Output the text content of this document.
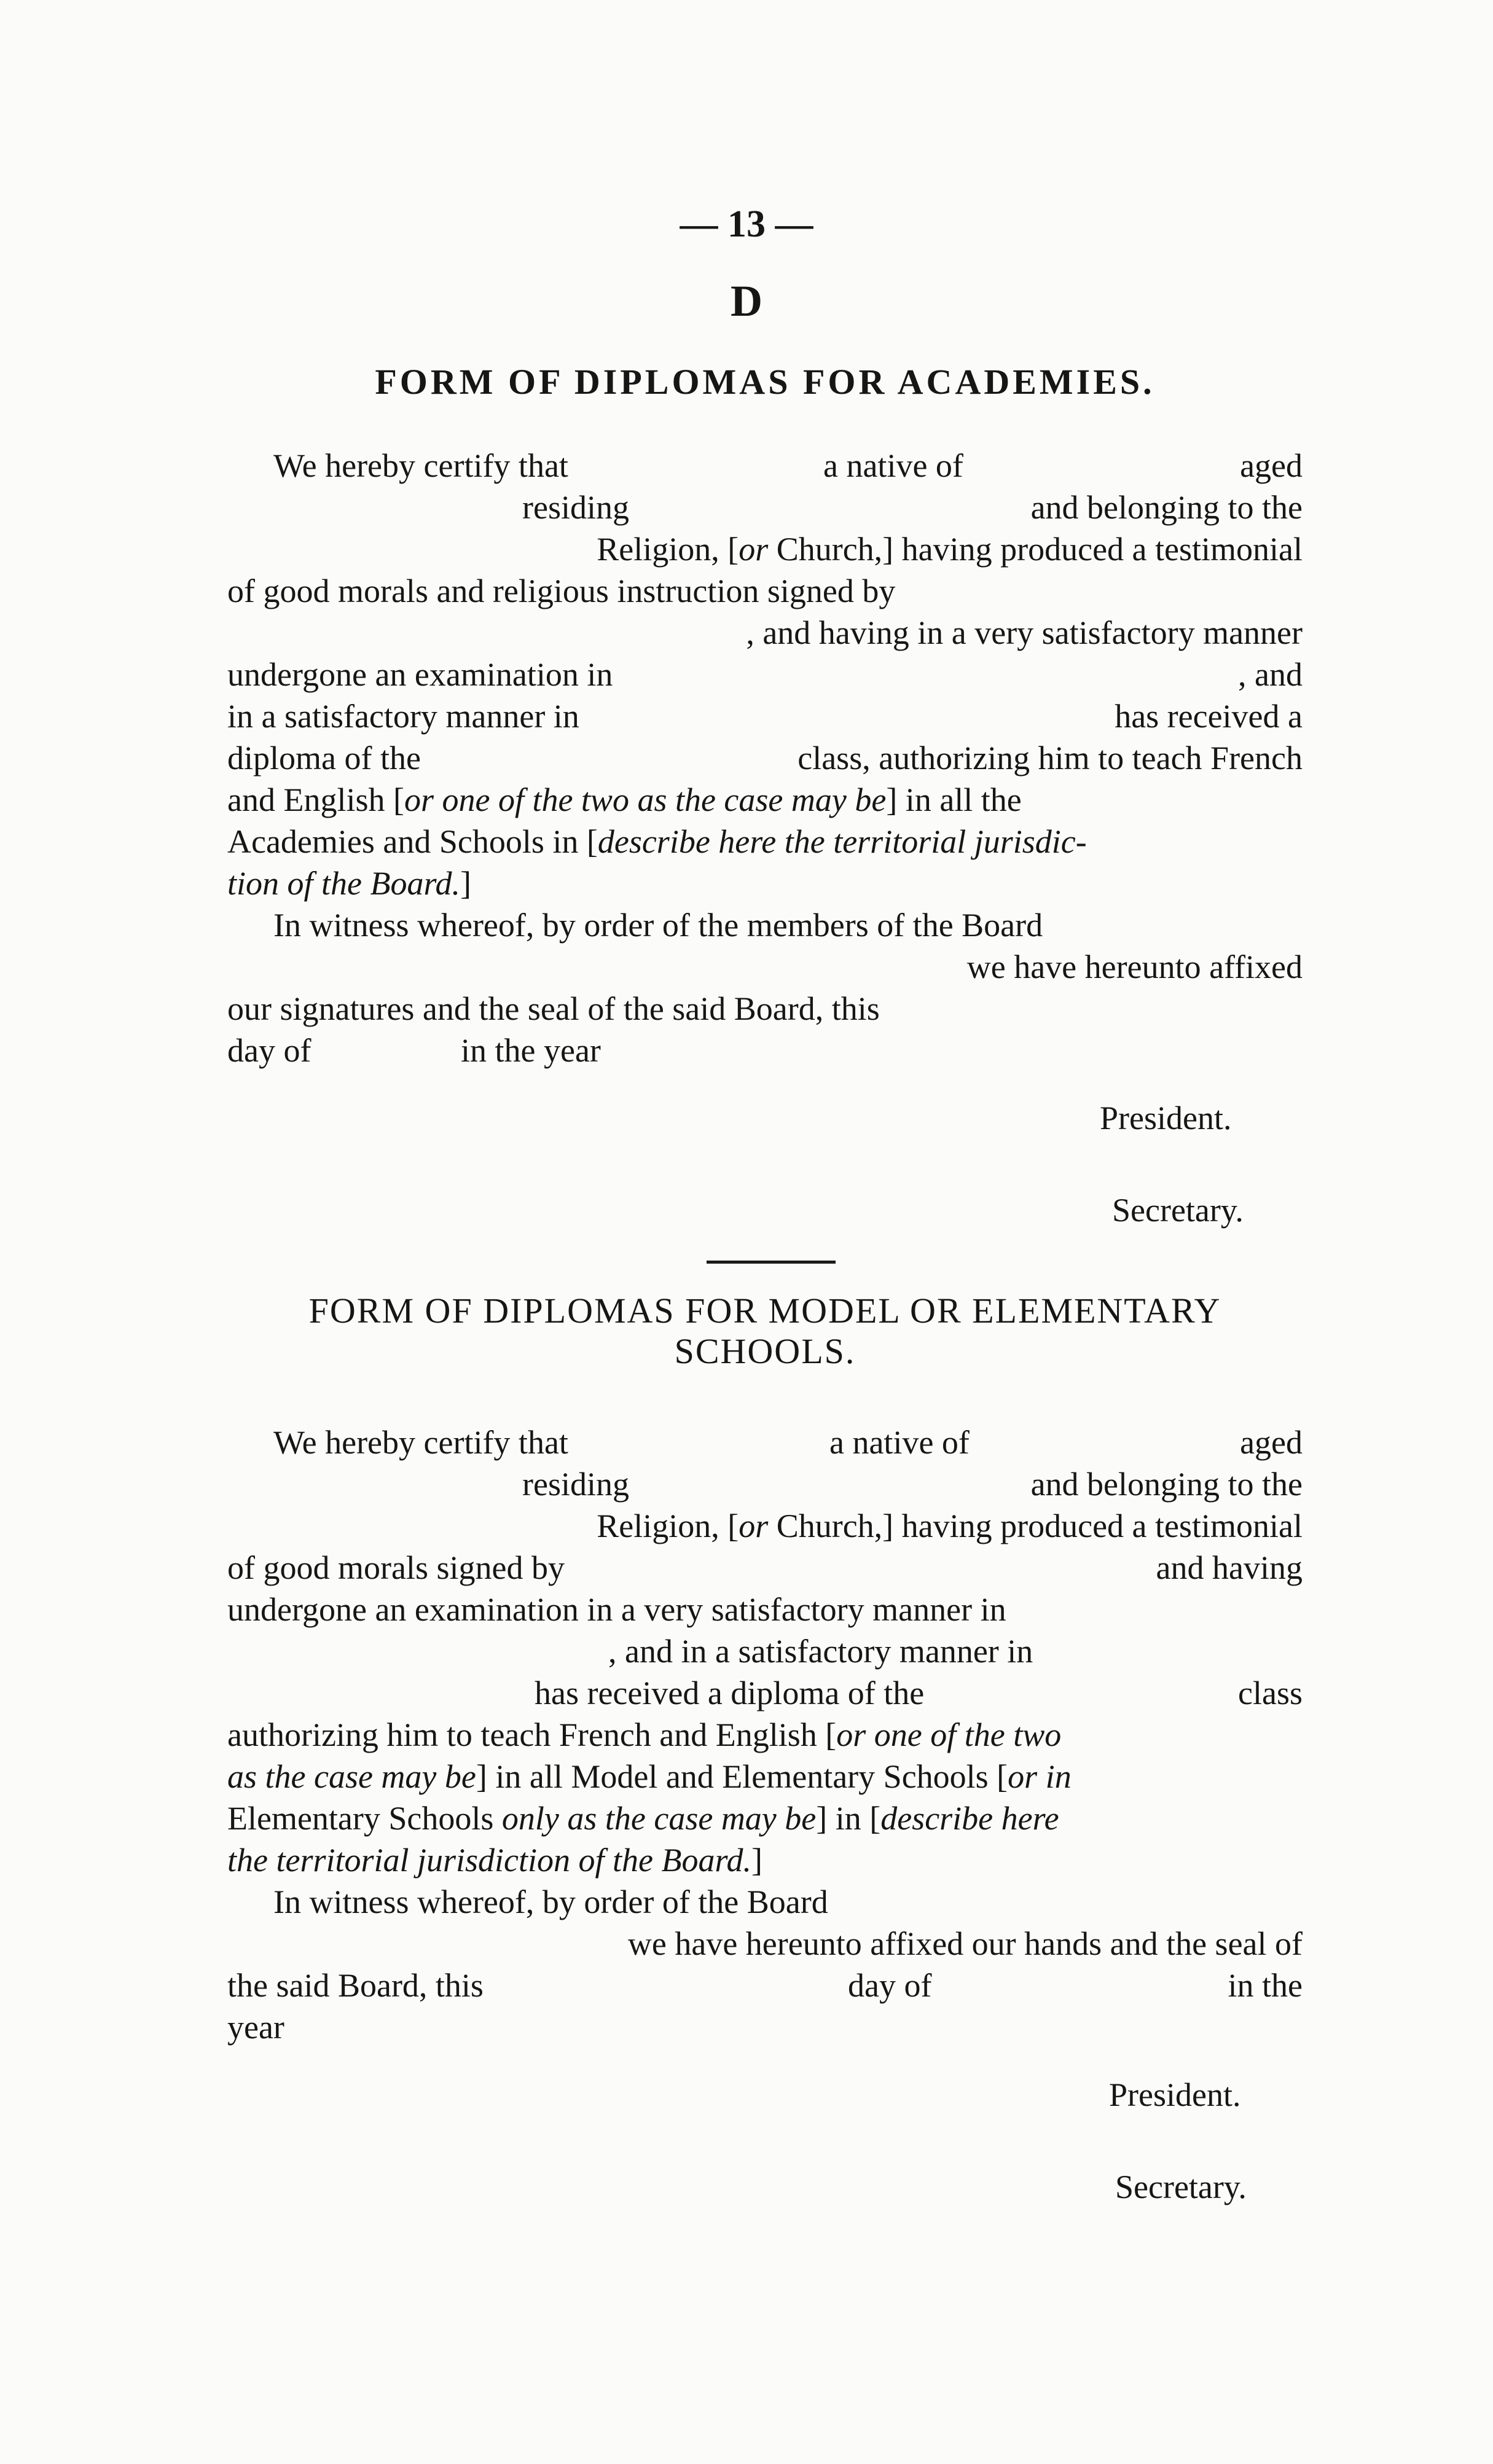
— 13 —
D
FORM OF DIPLOMAS FOR ACADEMIES.
We hereby certify that	a native of	aged
residing	and belonging to the
Religion, [or Church,] having produced a testimonial
of good morals and religious instruction signed by
, and having in a very satisfactory manner
undergone an examination in	, and
in a satisfactory manner in	has received a
diploma of the	class, authorizing him to teach French
and English [or one of the two as the case may be] in all the
Academies and Schools in [describe here the territorial jurisdic-
tion of the Board.]
In witness whereof, by order of the members of the Board
we have hereunto affixed
our signatures and the seal of the said Board, this
day of	in the year
President.
Secretary.
FORM OF DIPLOMAS FOR MODEL OR ELEMENTARY
SCHOOLS.
We hereby certify that	a native of	aged
residing	and belonging to the
Religion, [or Church,] having produced a testimonial
of good morals signed by	and having
undergone an examination in a very satisfactory manner in
, and in a satisfactory manner in
has received a diploma of the	class
authorizing him to teach French and English [or one of the two
as the case may be] in all Model and Elementary Schools [or in
Elementary Schools only as the case may be] in [describe here
the territorial jurisdiction of the Board.]
In witness whereof, by order of the Board
we have hereunto affixed our hands and the seal of
the said Board, this	day of	in the
year
President.
Secretary.
